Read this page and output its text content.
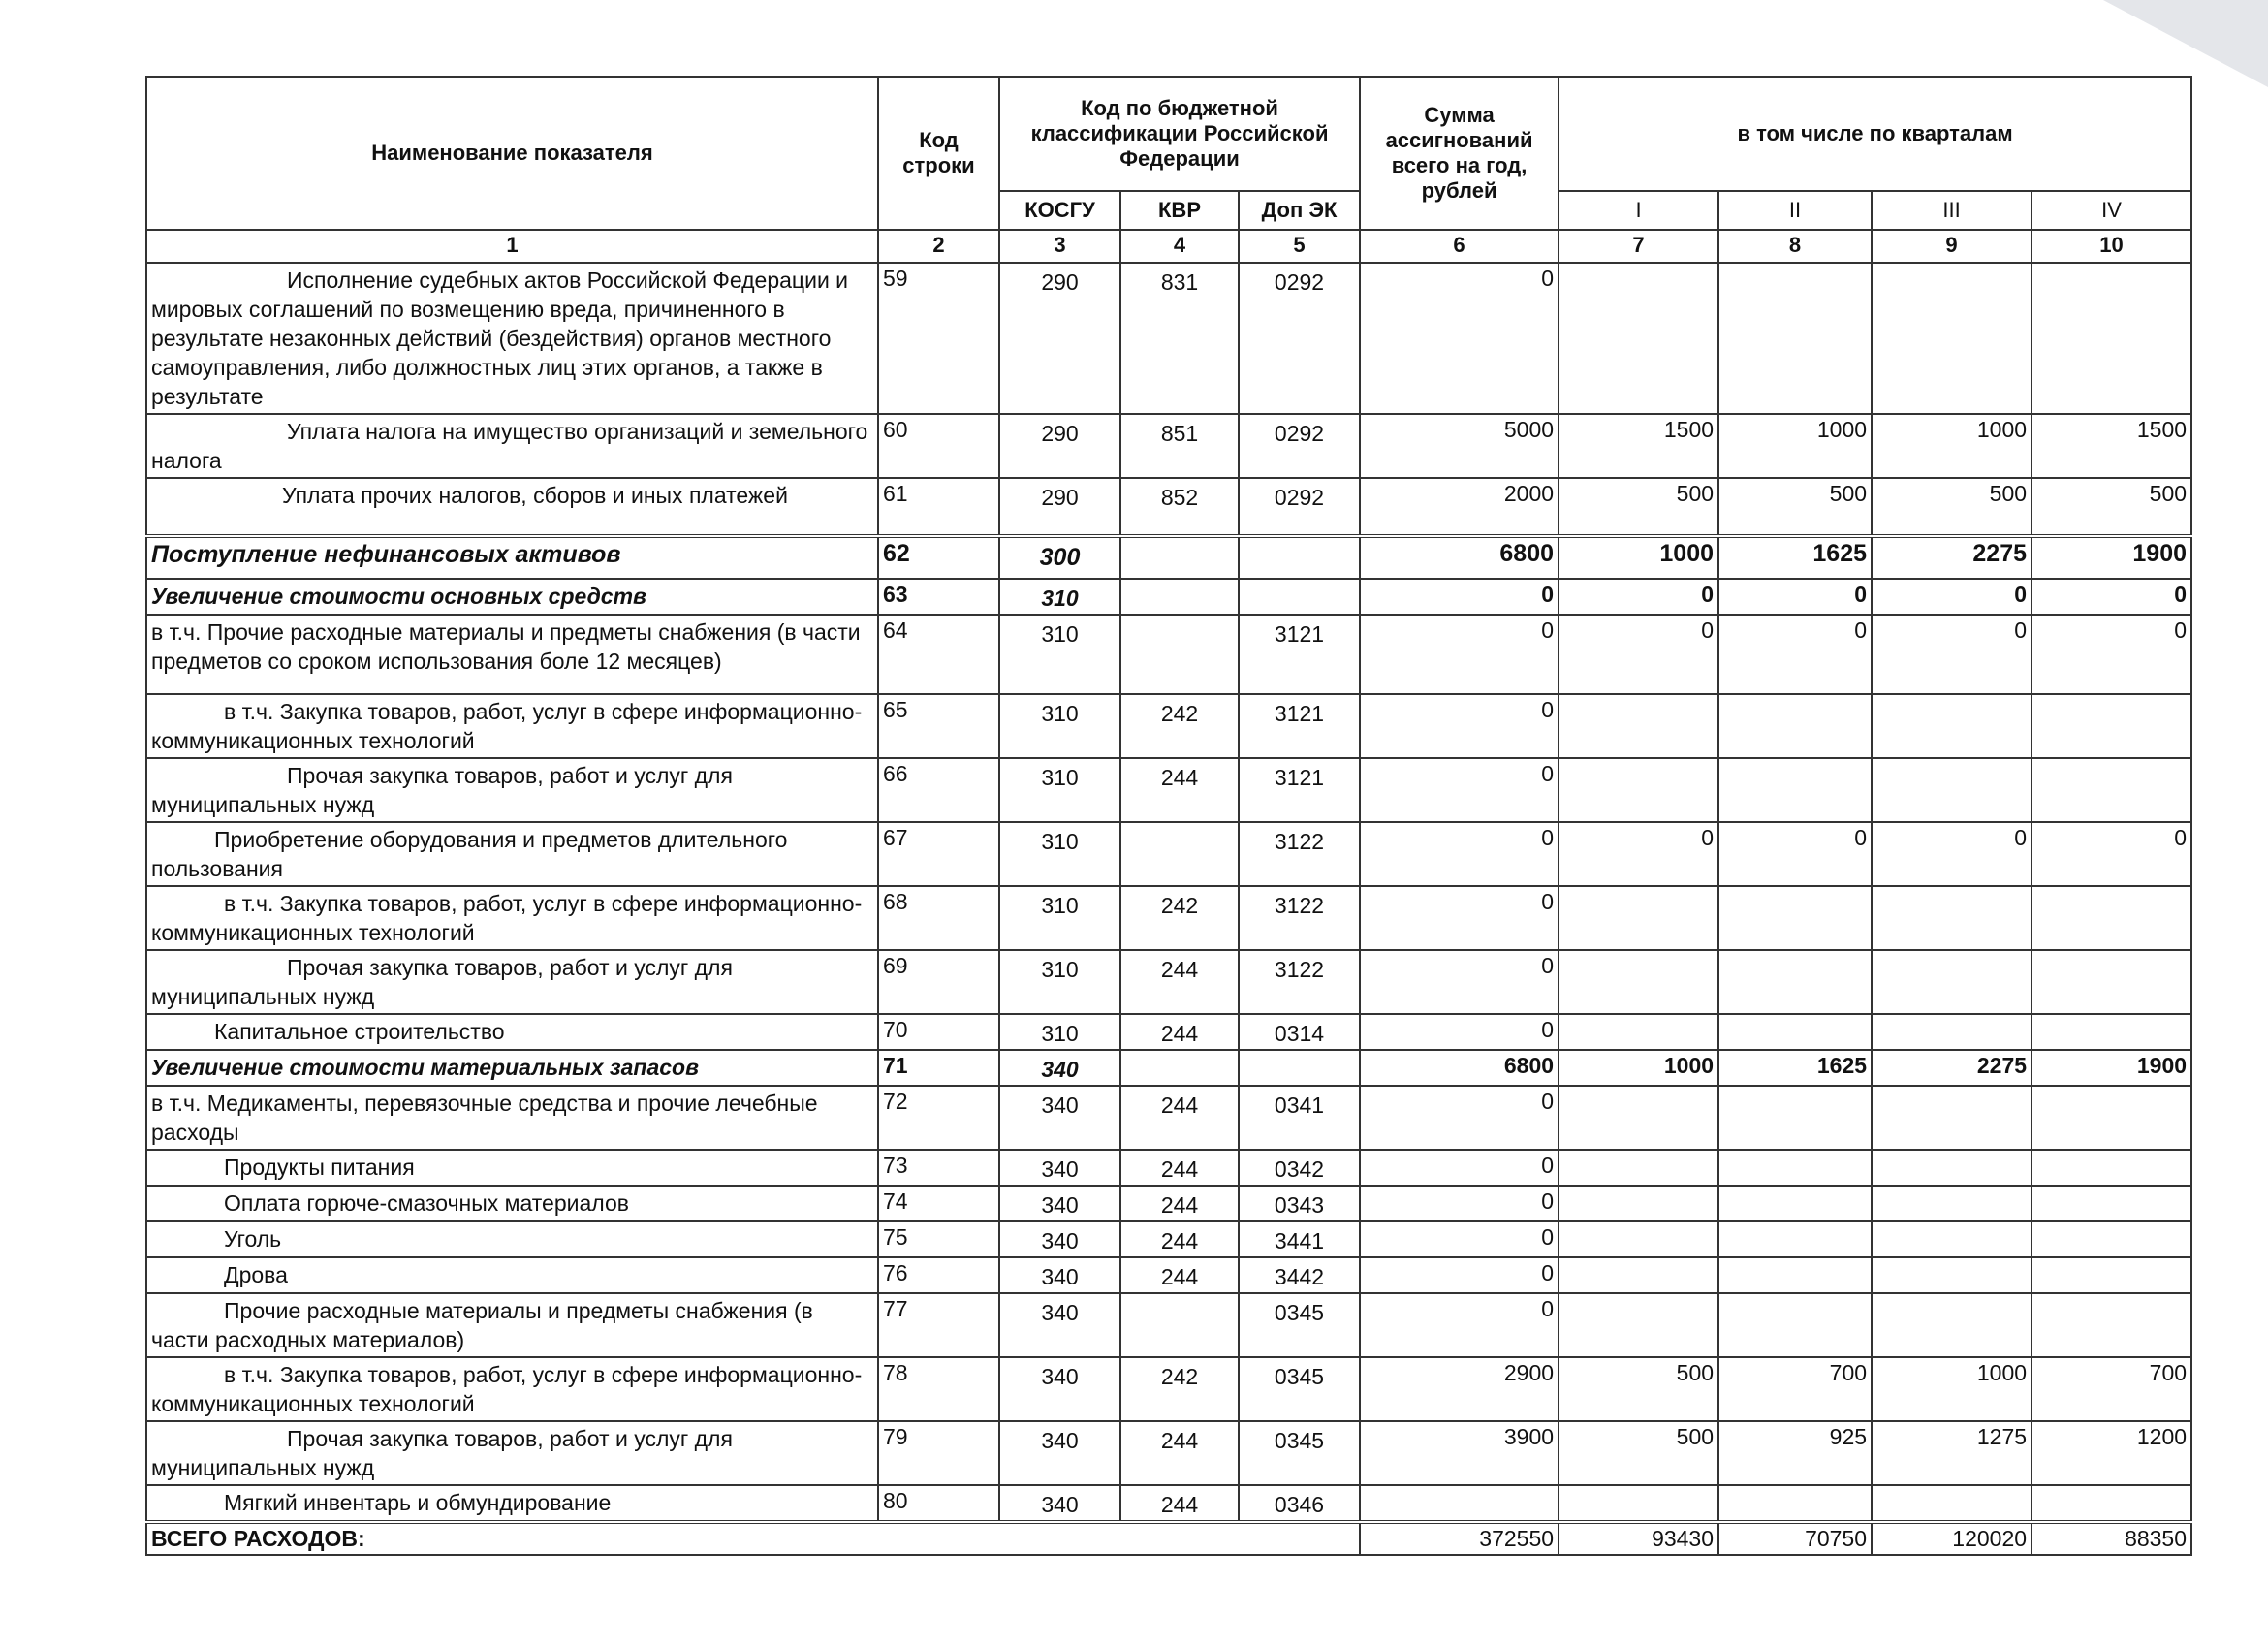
Наименование показателя	Код строки	Код по бюджетной классификации Российской Федерации			Сумма ассигнований всего на год, рублей	в том числе по кварталам			
		КОСГУ	КВР	Доп ЭК		I	II	III	IV
1	2	3	4	5	6	7	8	9	10
Исполнение судебных актов Российской Федерации и мировых соглашений по возмещению вреда, причиненного в результате незаконных действий (бездействия) органов местного самоуправления, либо должностных лиц этих органов, а также в результате	59	290	831	0292	0				
Уплата налога на имущество организаций и земельного налога	60	290	851	0292	5000	1500	1000	1000	1500
Уплата прочих налогов, сборов и иных платежей	61	290	852	0292	2000	500	500	500	500
Поступление нефинансовых активов	62	300			6800	1000	1625	2275	1900
Увеличение стоимости основных средств	63	310			0	0	0	0	0
в т.ч. Прочие расходные материалы и предметы снабжения (в части предметов со сроком использования боле 12 месяцев)	64	310		3121	0	0	0	0	0
в т.ч. Закупка товаров, работ, услуг в сфере информационно-коммуникационных технологий	65	310	242	3121	0				
Прочая закупка товаров, работ и услуг для муниципальных нужд	66	310	244	3121	0				
Приобретение оборудования и предметов длительного пользования	67	310		3122	0	0	0	0	0
в т.ч. Закупка товаров, работ, услуг в сфере информационно-коммуникационных технологий	68	310	242	3122	0				
Прочая закупка товаров, работ и услуг для муниципальных нужд	69	310	244	3122	0				
Капитальное строительство	70	310	244	0314	0				
Увеличение стоимости материальных запасов	71	340			6800	1000	1625	2275	1900
в т.ч. Медикаменты, перевязочные средства и прочие лечебные расходы	72	340	244	0341	0				
Продукты питания	73	340	244	0342	0				
Оплата горюче-смазочных материалов	74	340	244	0343	0				
Уголь	75	340	244	3441	0				
Дрова	76	340	244	3442	0				
Прочие расходные материалы и предметы снабжения (в части расходных материалов)	77	340		0345	0				
в т.ч. Закупка товаров, работ, услуг в сфере информационно-коммуникационных технологий	78	340	242	0345	2900	500	700	1000	700
Прочая закупка товаров, работ и услуг для муниципальных нужд	79	340	244	0345	3900	500	925	1275	1200
Мягкий инвентарь и обмундирование	80	340	244	0346					
ВСЕГО РАСХОДОВ:					372550	93430	70750	120020	88350
